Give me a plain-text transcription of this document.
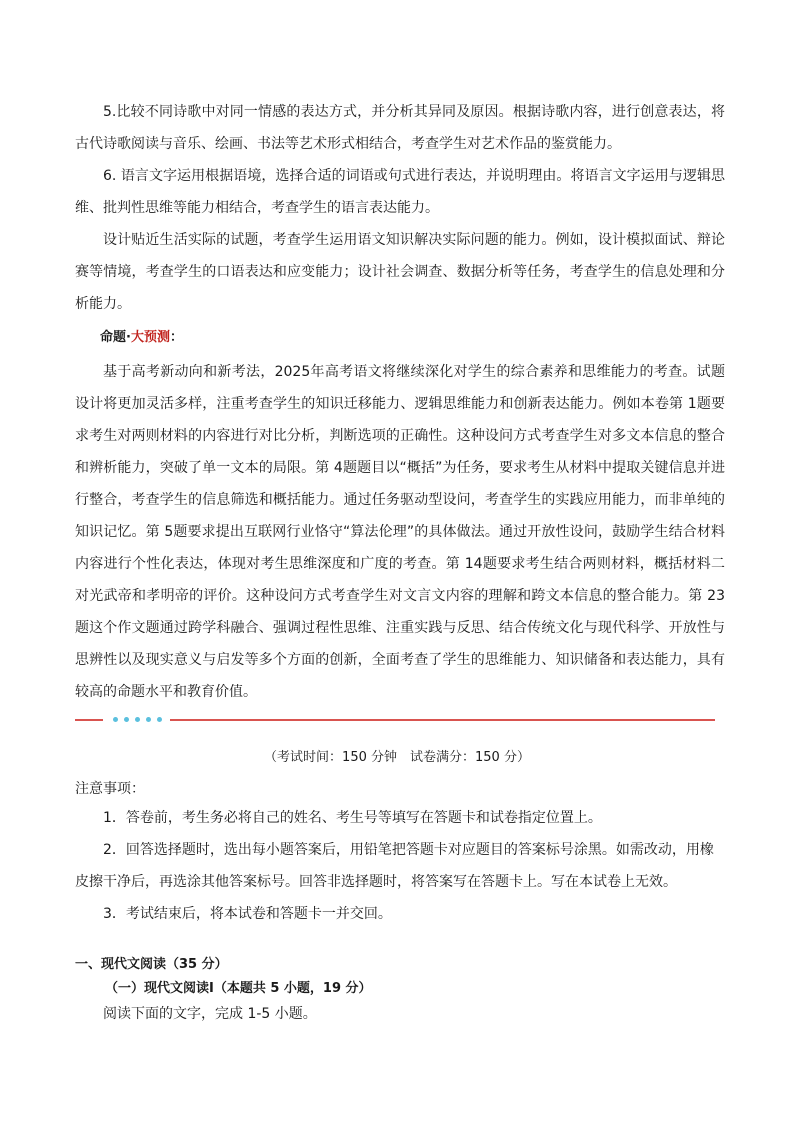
5.比较不同诗歌中对同一情感的表达方式，并分析其异同及原因。根据诗歌内容，进行创意表达，将古代诗歌阅读与音乐、绘画、书法等艺术形式相结合，考查学生对艺术作品的鉴赏能力。

6. 语言文字运用根据语境，选择合适的词语或句式进行表达，并说明理由。将语言文字运用与逻辑思维、批判性思维等能力相结合，考查学生的语言表达能力。

设计贴近生活实际的试题，考查学生运用语文知识解决实际问题的能力。例如，设计模拟面试、辩论赛等情境，考查学生的口语表达和应变能力；设计社会调查、数据分析等任务，考查学生的信息处理和分析能力。

命题·大预测：

基于高考新动向和新考法，2025年高考语文将继续深化对学生的综合素养和思维能力的考查。试题设计将更加灵活多样，注重考查学生的知识迁移能力、逻辑思维能力和创新表达能力。例如本卷第 1题要求考生对两则材料的内容进行对比分析，判断选项的正确性。这种设问方式考查学生对多文本信息的整合和辨析能力，突破了单一文本的局限。第 4题题目以“概括”为任务，要求考生从材料中提取关键信息并进行整合，考查学生的信息筛选和概括能力。通过任务驱动型设问，考查学生的实践应用能力，而非单纯的知识记忆。第 5题要求提出互联网行业恪守“算法伦理”的具体做法。通过开放性设问，鼓励学生结合材料内容进行个性化表达，体现对考生思维深度和广度的考查。第 14题要求考生结合两则材料，概括材料二对光武帝和孝明帝的评价。这种设问方式考查学生对文言文内容的理解和跨文本信息的整合能力。第 23题这个作文题通过跨学科融合、强调过程性思维、注重实践与反思、结合传统文化与现代科学、开放性与思辨性以及现实意义与启发等多个方面的创新，全面考查了学生的思维能力、知识储备和表达能力，具有较高的命题水平和教育价值。

（考试时间：150 分钟　试卷满分：150 分）

注意事项：

1．答卷前，考生务必将自己的姓名、考生号等填写在答题卡和试卷指定位置上。

2．回答选择题时，选出每小题答案后，用铅笔把答题卡对应题目的答案标号涂黑。如需改动，用橡皮擦干净后，再选涂其他答案标号。回答非选择题时，将答案写在答题卡上。写在本试卷上无效。

3．考试结束后，将本试卷和答题卡一并交回。

一、现代文阅读（35 分）

（一）现代文阅读Ⅰ（本题共 5 小题，19 分）

阅读下面的文字，完成 1-5 小题。
